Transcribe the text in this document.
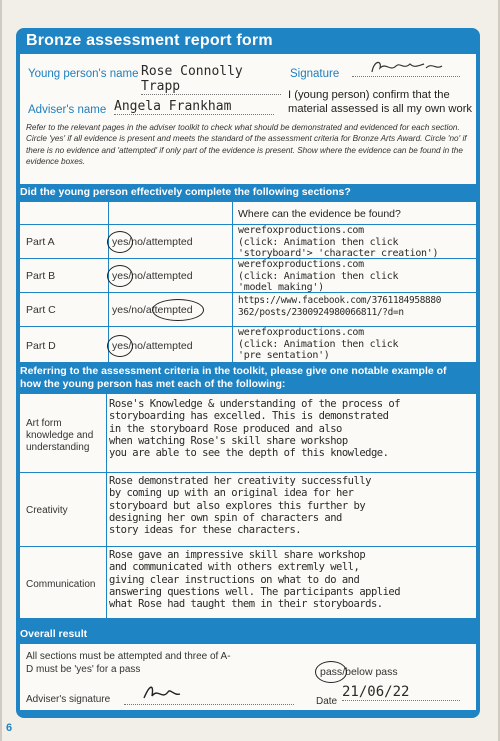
Bronze assessment report form
Young person's name Rose Connolly Trapp
Signature
Adviser's name Angela Frankham
I (young person) confirm that the material assessed is all my own work
Refer to the relevant pages in the adviser toolkit to check what should be demonstrated and evidenced for each section. Circle 'yes' if all evidence is present and meets the standard of the assessment criteria for Bronze Arts Award. Circle 'no' if there is no evidence and 'attempted' if only part of the evidence is present. Show where the evidence can be found in the evidence boxes.
Did the young person effectively complete the following sections?
Where can the evidence be found?
Part A	yes/no/attempted
werefoxproductions.com
(click: Animation then click
'storyboard'> 'character creation')
Part B	yes/no/attempted
werefoxproductions.com
(click: Animation then click
'model making')
Part C	yes/no/attempted
https://www.facebook.com/3761184958880
362/posts/2300924980066811/?d=n
Part D	yes/no/attempted
werefoxproductions.com
(click: Animation then click
'pre sentation')
Referring to the assessment criteria in the toolkit, please give one notable example of how the young person has met each of the following:
Art form knowledge and understanding
Rose's Knowledge & understanding of the process of
storyboarding has excelled. This is demonstrated
in the storyboard Rose produced and also
when watching Rose's skill share workshop
you are able to see the depth of this knowledge.
Creativity
Rose demonstrated her creativity successfully
by coming up with an original idea for her
storyboard but also explores this further by
designing her own spin of characters and
story ideas for these characters.
Communication
Rose gave an impressive skill share workshop
and communicated with others extremly well,
giving clear instructions on what to do and
answering questions well. The participants applied
what Rose had taught them in their storyboards.
Overall result
All sections must be attempted and three of A-D must be 'yes' for a pass	pass/below pass
Adviser's signature	Date
21/06/22
6
